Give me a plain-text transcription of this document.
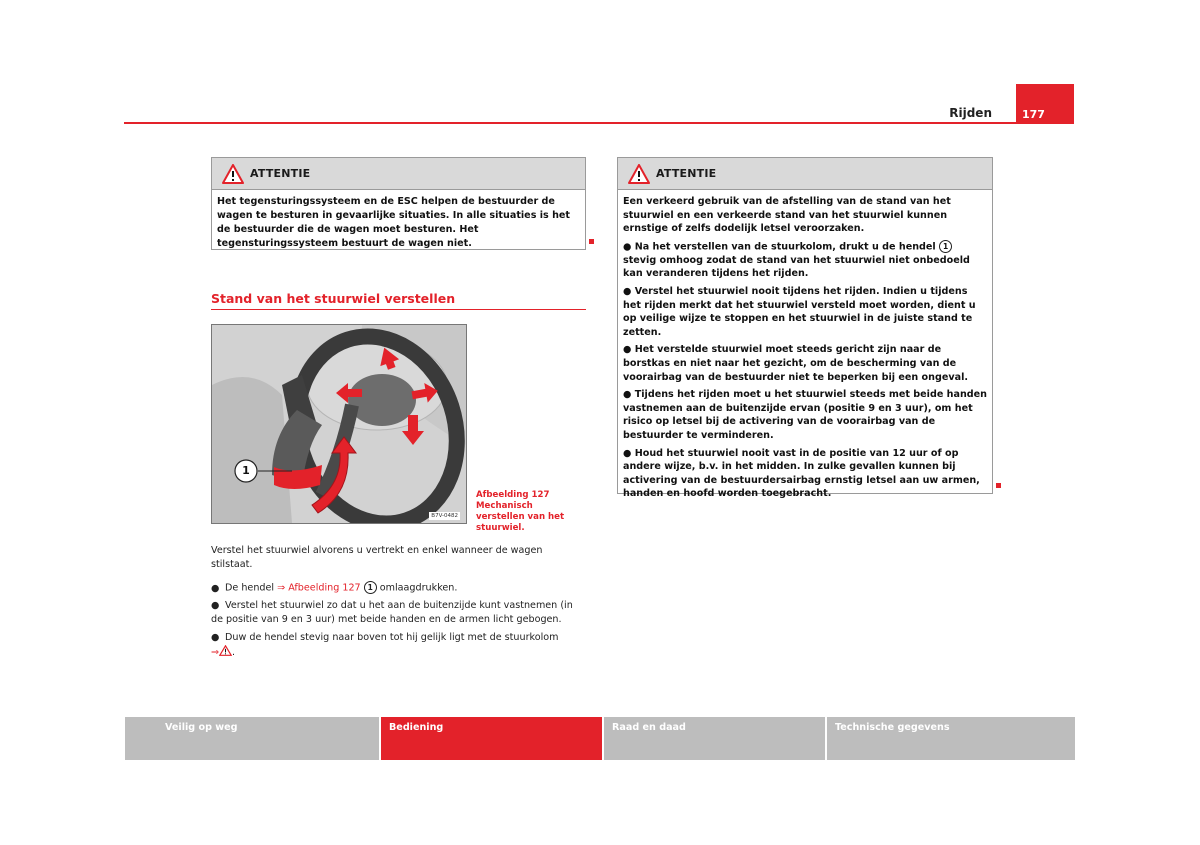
Rijden	177
ATTENTIE

Het tegensturingssysteem en de ESC helpen de bestuurder de wagen te besturen in gevaarlijke situaties. In alle situaties is het de bestuurder die de wagen moet besturen. Het tegensturingssysteem bestuurt de wagen niet.

Stand van het stuurwiel verstellen
1
B7V-0482
Afbeelding 127 Mechanisch verstellen van het stuurwiel.
Verstel het stuurwiel alvorens u vertrekt en enkel wanneer de wagen stilstaat.
● De hendel ⇒ Afbeelding 127 1 omlaagdrukken.
● Verstel het stuurwiel zo dat u het aan de buitenzijde kunt vastnemen (in de positie van 9 en 3 uur) met beide handen en de armen licht gebogen.
● Duw de hendel stevig naar boven tot hij gelijk ligt met de stuurkolom
⇒ .
ATTENTIE

Een verkeerd gebruik van de afstelling van de stand van het stuurwiel en een verkeerde stand van het stuurwiel kunnen ernstige of zelfs dodelijk letsel veroorzaken.

● Na het verstellen van de stuurkolom, drukt u de hendel 1 stevig omhoog zodat de stand van het stuurwiel niet onbedoeld kan veranderen tijdens het rijden.

● Verstel het stuurwiel nooit tijdens het rijden. Indien u tijdens het rijden merkt dat het stuurwiel versteld moet worden, dient u op veilige wijze te stoppen en het stuurwiel in de juiste stand te zetten.

● Het verstelde stuurwiel moet steeds gericht zijn naar de borstkas en niet naar het gezicht, om de bescherming van de voorairbag van de bestuurder niet te beperken bij een ongeval.

● Tijdens het rijden moet u het stuurwiel steeds met beide handen vastnemen aan de buitenzijde ervan (positie 9 en 3 uur), om het risico op letsel bij de activering van de voorairbag van de bestuurder te verminderen.

● Houd het stuurwiel nooit vast in de positie van 12 uur of op andere wijze, b.v. in het midden. In zulke gevallen kunnen bij activering van de bestuurdersairbag ernstig letsel aan uw armen, handen en hoofd worden toegebracht.

Veilig op weg	Bediening	Raad en daad	Technische gegevens
